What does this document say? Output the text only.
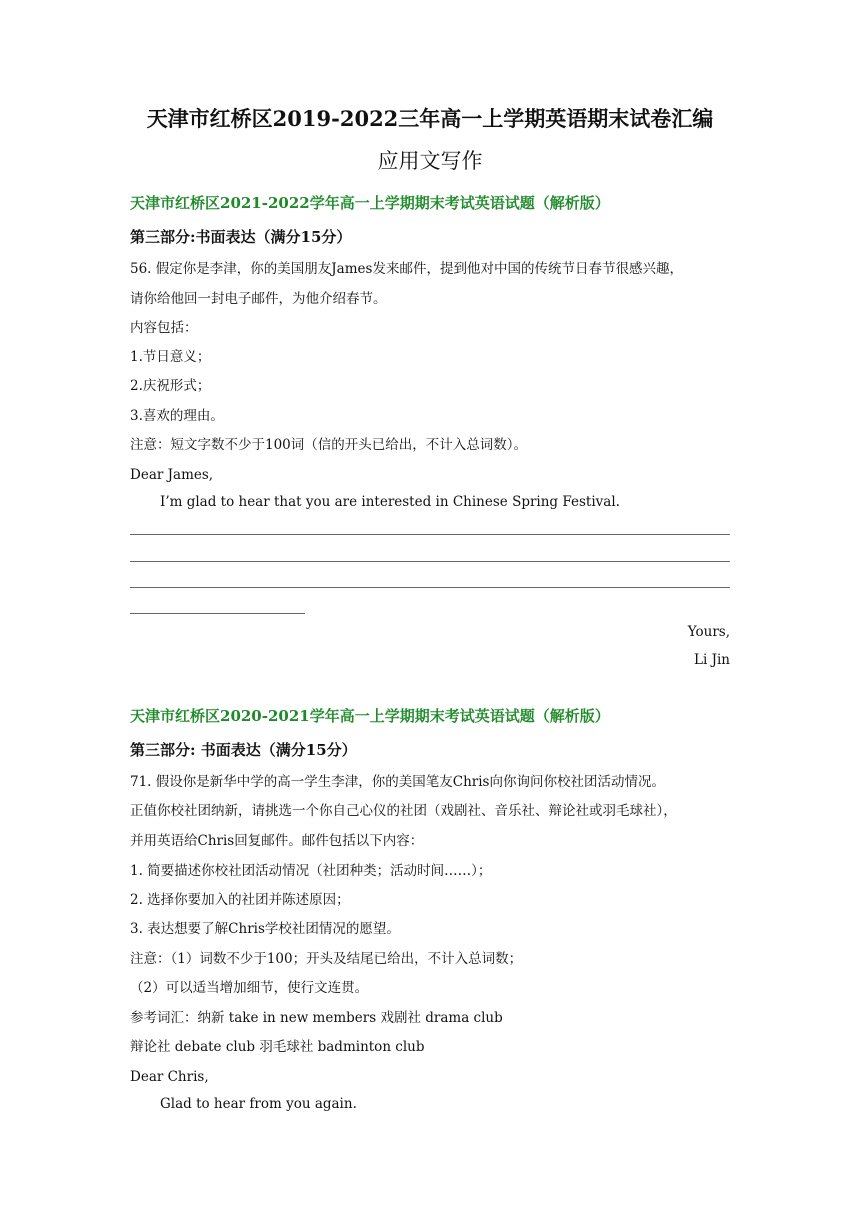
天津市红桥区2019-2022三年高一上学期英语期末试卷汇编
应用文写作
天津市红桥区2021-2022学年高一上学期期末考试英语试题（解析版）
第三部分:书面表达（满分15分）
56. 假定你是李津，你的美国朋友James发来邮件，提到他对中国的传统节日春节很感兴趣，
请你给他回一封电子邮件，为他介绍春节。
内容包括：
1.节日意义；
2.庆祝形式；
3.喜欢的理由。
注意：短文字数不少于100词（信的开头已给出，不计入总词数）。
Dear James,
I’m glad to hear that you are interested in Chinese Spring Festival.
Yours,
Li Jin
天津市红桥区2020-2021学年高一上学期期末考试英语试题（解析版）
第三部分: 书面表达（满分15分）
71. 假设你是新华中学的高一学生李津，你的美国笔友Chris向你询问你校社团活动情况。
正值你校社团纳新，请挑选一个你自己心仪的社团（戏剧社、音乐社、辩论社或羽毛球社），
并用英语给Chris回复邮件。邮件包括以下内容：
1. 简要描述你校社团活动情况（社团种类；活动时间……）；
2. 选择你要加入的社团并陈述原因；
3. 表达想要了解Chris学校社团情况的愿望。
注意：（1）词数不少于100；开头及结尾已给出，不计入总词数；
（2）可以适当增加细节，使行文连贯。
参考词汇：纳新 take in new members 戏剧社 drama club
辩论社 debate club 羽毛球社 badminton club
Dear Chris,
Glad to hear from you again.
